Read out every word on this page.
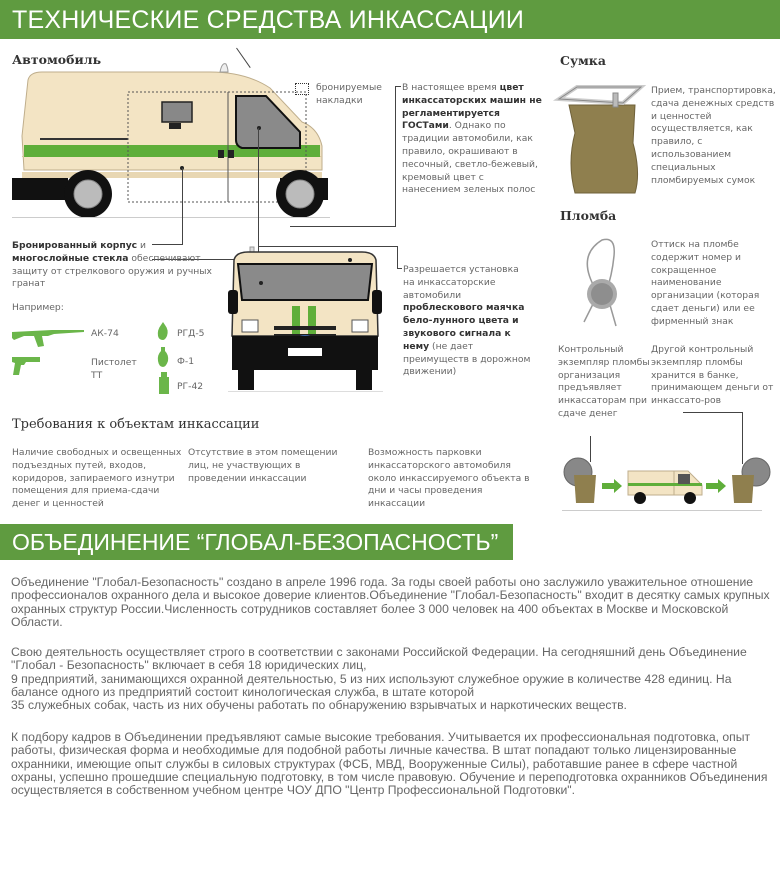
ТЕХНИЧЕСКИЕ СРЕДСТВА ИНКАССАЦИИ
Автомобиль
бронируемые накладки
В настоящее время цвет инкассаторских машин не регламентируется ГОСТами. Однако по традиции автомобили, как правило, окрашивают в песочный, светло-бежевый, кремовый цвет с нанесением зеленых полос
Бронированный корпус и многослойные стекла обеспечивают защиту от стрелкового оружия и ручных гранат
Например:
АК-74
Пистолет ТТ
РГД-5
Ф-1
РГ-42
Разрешается установка на инкассаторские автомобили проблескового маячка бело-лунного цвета и звукового сигнала к нему (не дает преимуществ в дорожном движении)
Требования к объектам инкассации
Наличие свободных и освещенных подъездных путей, входов, коридоров, запираемого изнутри помещения для приема-сдачи денег и ценностей
Отсутствие в этом помещении лиц, не участвующих в проведении инкассации
Возможность парковки инкассаторского автомобиля около инкассируемого объекта в дни и часы проведения инкассации
Сумка
Прием, транспортировка, сдача денежных средств и ценностей осуществляется, как правило, с использованием специальных пломбируемых сумок
Пломба
Оттиск на пломбе содержит номер и сокращенное наименование организации (которая сдает деньги) или ее фирменный знак
Контрольный экземпляр пломбы организация предъявляет инкассаторам при сдаче денег
Другой контрольный экземпляр пломбы хранится в банке, принимающем деньги от инкассато-ров
ОБЪЕДИНЕНИЕ “ГЛОБАЛ-БЕЗОПАСНОСТЬ”
Объединение "Глобал-Безопасность" создано в апреле 1996 года. За годы своей работы оно заслужило уважительное отношение профессионалов охранного дела и высокое доверие клиентов.Объединение "Глобал-Безопасность" входит в десятку самых крупных охранных структур России.Численность сотрудников составляет более 3 000 человек на 400 объектах в Москве и Московской Области.
Свою деятельность осуществляет строго в соответствии с законами Российской Федерации. На сегодняшний день Объединение "Глобал - Безопасность" включает в себя 18 юридических лиц,
9 предприятий, занимающихся охранной деятельностью, 5 из них используют служебное оружие в количестве 428 единиц. На балансе одного из предприятий состоит кинологическая служба, в штате которой
35 служебных собак, часть из них обучены работать по обнаружению взрывчатых и наркотических веществ.
К подбору кадров в Объединении предъявляют самые высокие требования. Учитывается их профессиональная подготовка, опыт работы, физическая форма и необходимые для подобной работы личные качества. В штат попадают только лицензированные охранники, имеющие опыт службы в силовых структурах (ФСБ, МВД, Вооруженные Силы), работавшие ранее в сфере частной охраны, успешно прошедшие специальную подготовку, в том числе правовую. Обучение и переподготовка охранников Объединения осуществляется в собственном учебном центре ЧОУ ДПО "Центр Профессиональной Подготовки".
